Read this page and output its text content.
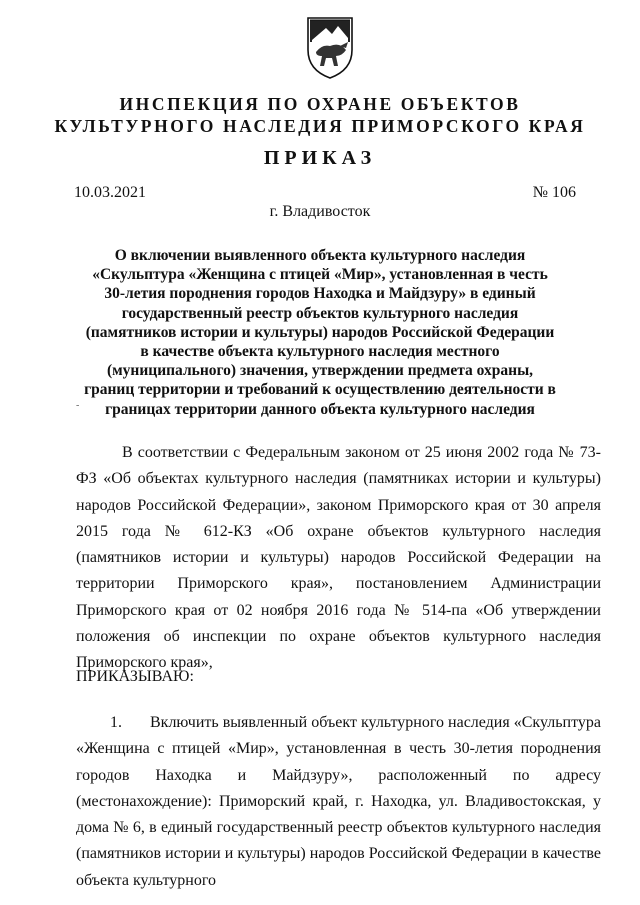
ИНСПЕКЦИЯ ПО ОХРАНЕ ОБЪЕКТОВ
КУЛЬТУРНОГО НАСЛЕДИЯ ПРИМОРСКОГО КРАЯ
ПРИКАЗ
10.03.2021	№ 106
г. Владивосток
О включении выявленного объекта культурного наследия
«Скульптура «Женщина с птицей «Мир», установленная в честь
30-летия породнения городов Находка и Майдзуру» в единый
государственный реестр объектов культурного наследия
(памятников истории и культуры) народов Российской Федерации
в качестве объекта культурного наследия местного
(муниципального) значения, утверждении предмета охраны,
границ территории и требований к осуществлению деятельности в
границах территории данного объекта культурного наследия
-
В соответствии с Федеральным законом от 25 июня 2002 года № 73-ФЗ «Об объектах культурного наследия (памятниках истории и культуры) народов Российской Федерации», законом Приморского края от 30 апреля 2015 года № 612-КЗ «Об охране объектов культурного наследия (памятников истории и культуры) народов Российской Федерации на территории Приморского края», постановлением Администрации Приморского края от 02 ноября 2016 года № 514-па «Об утверждении положения об инспекции по охране объектов культурного наследия Приморского края»,
ПРИКАЗЫВАЮ:
1. Включить выявленный объект культурного наследия «Скульптура «Женщина с птицей «Мир», установленная в честь 30-летия породнения городов Находка и Майдзуру», расположенный по адресу (местонахождение): Приморский край, г. Находка, ул. Владивостокская, у дома № 6, в единый государственный реестр объектов культурного наследия (памятников истории и культуры) народов Российской Федерации в качестве объекта культурного
